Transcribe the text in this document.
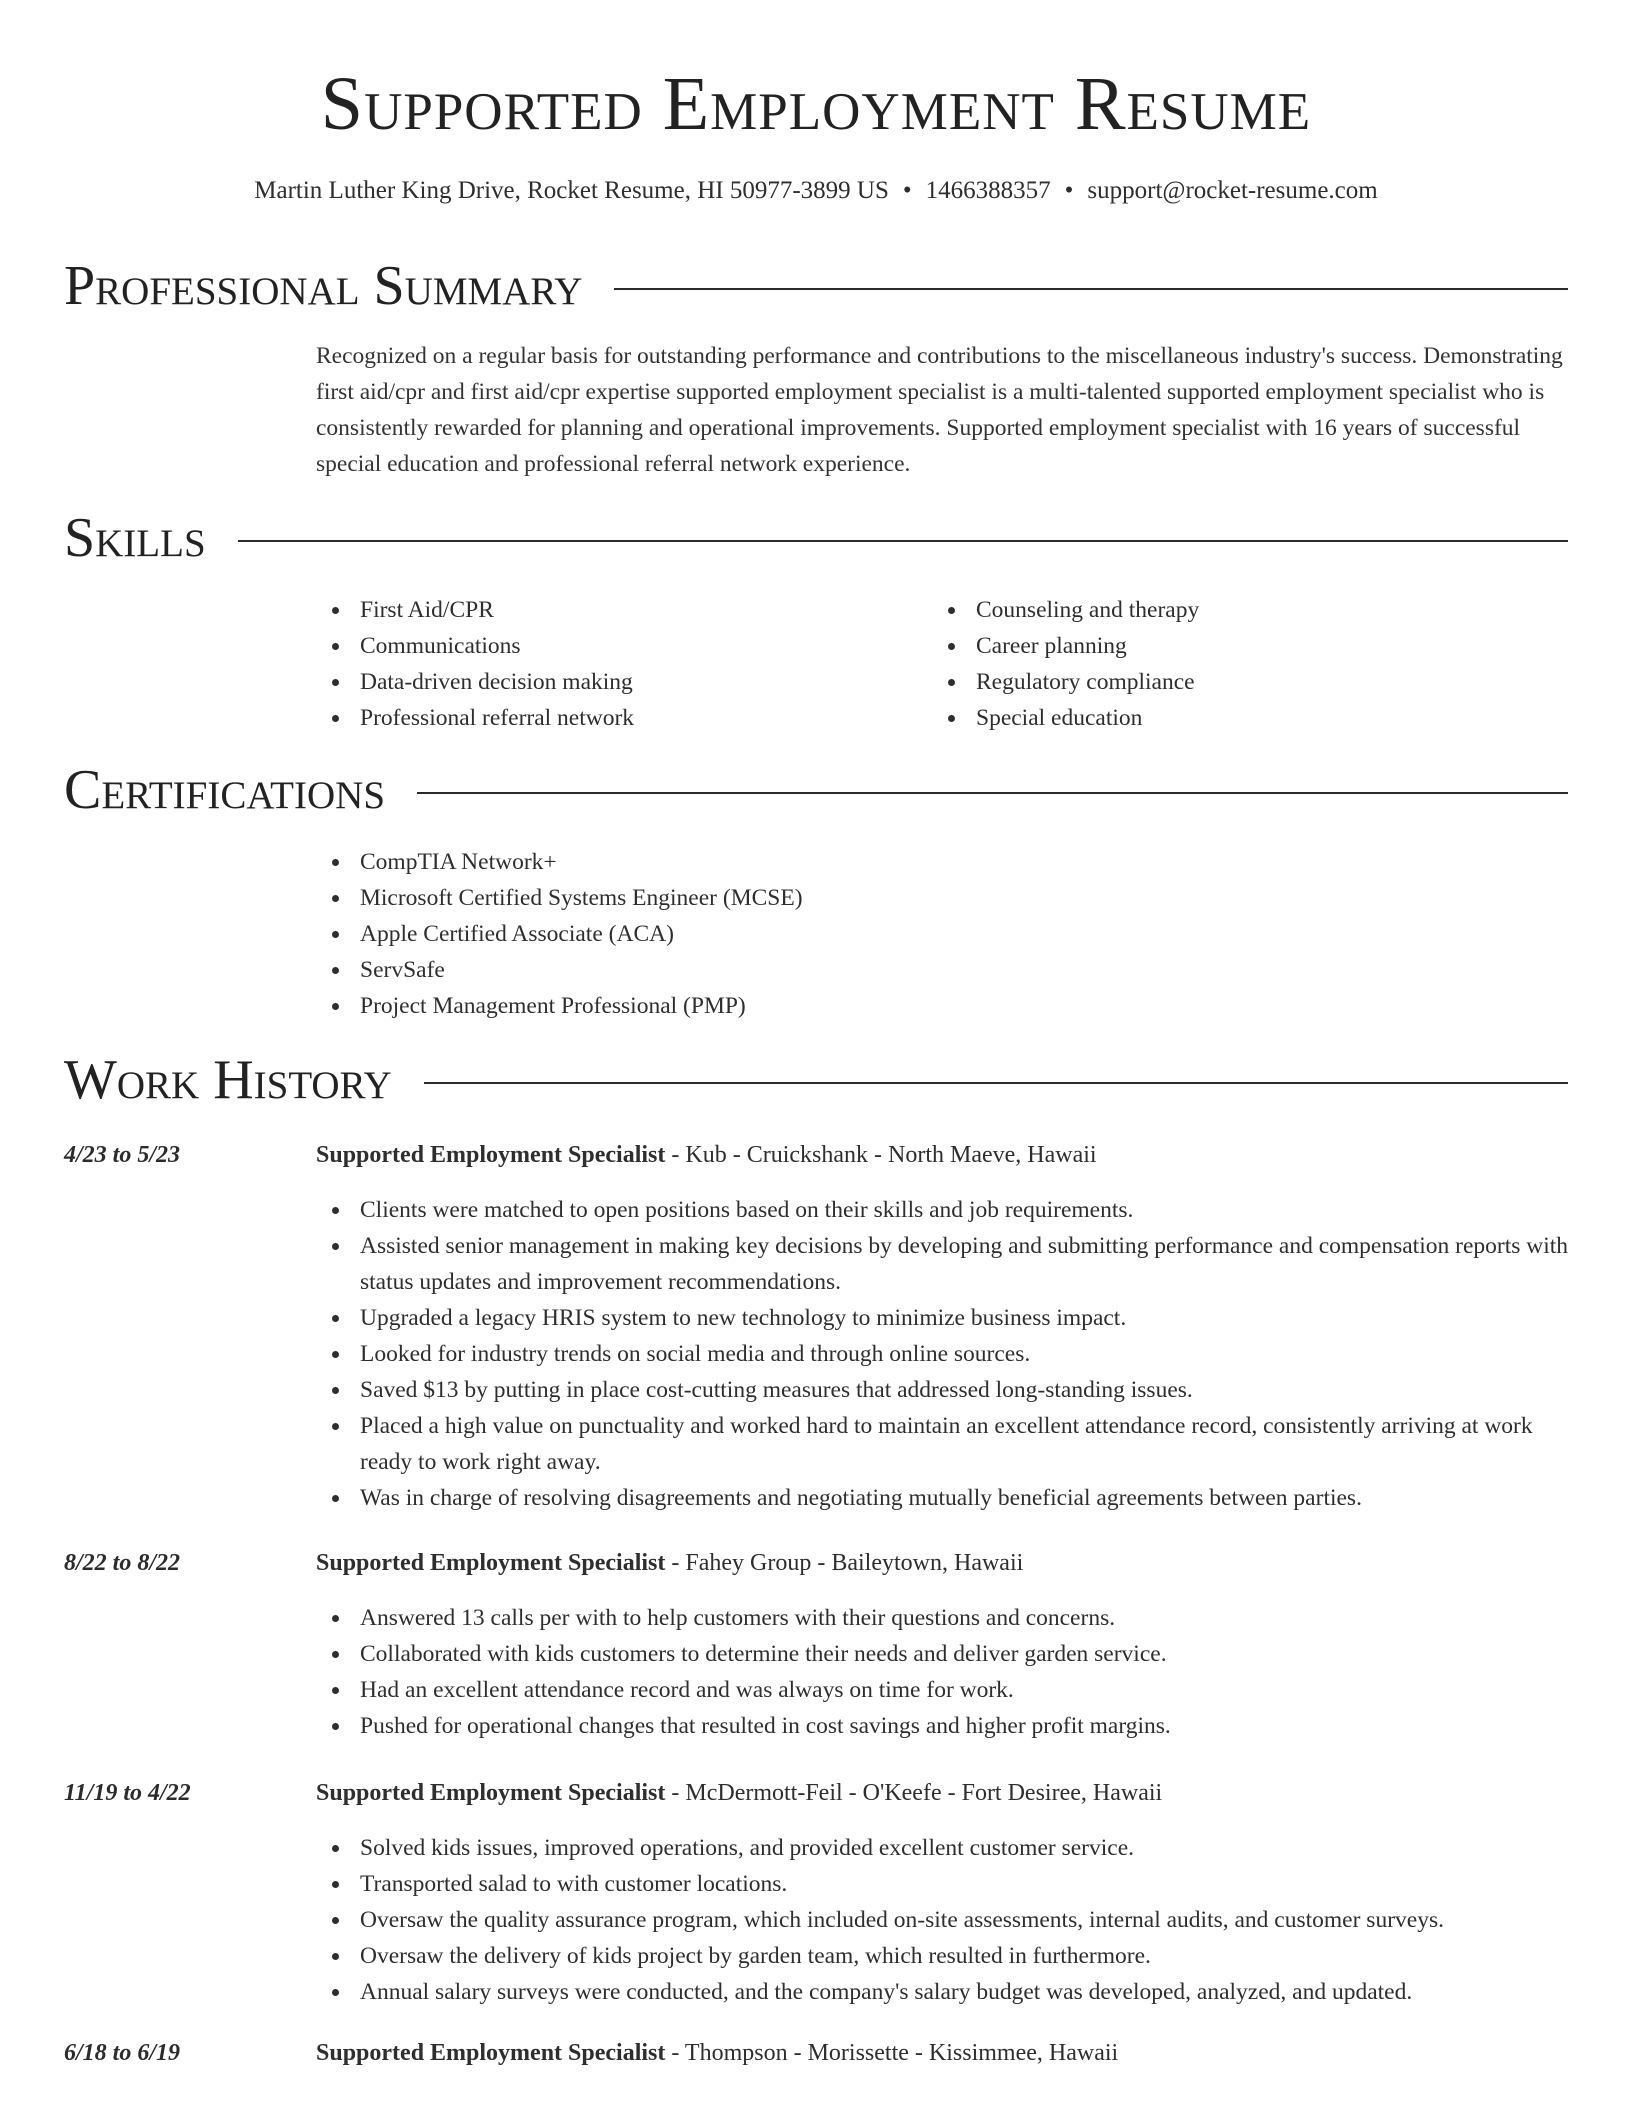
Supported Employment Resume
Martin Luther King Drive, Rocket Resume, HI 50977-3899 US • 1466388357 • support@rocket-resume.com
Professional Summary
Recognized on a regular basis for outstanding performance and contributions to the miscellaneous industry's success. Demonstrating first aid/cpr and first aid/cpr expertise supported employment specialist is a multi-talented supported employment specialist who is consistently rewarded for planning and operational improvements. Supported employment specialist with 16 years of successful special education and professional referral network experience.
Skills
First Aid/CPR
Communications
Data-driven decision making
Professional referral network
Counseling and therapy
Career planning
Regulatory compliance
Special education
Certifications
CompTIA Network+
Microsoft Certified Systems Engineer (MCSE)
Apple Certified Associate (ACA)
ServSafe
Project Management Professional (PMP)
Work History
4/23 to 5/23	Supported Employment Specialist - Kub - Cruickshank - North Maeve, Hawaii
Clients were matched to open positions based on their skills and job requirements.
Assisted senior management in making key decisions by developing and submitting performance and compensation reports with status updates and improvement recommendations.
Upgraded a legacy HRIS system to new technology to minimize business impact.
Looked for industry trends on social media and through online sources.
Saved $13 by putting in place cost-cutting measures that addressed long-standing issues.
Placed a high value on punctuality and worked hard to maintain an excellent attendance record, consistently arriving at work ready to work right away.
Was in charge of resolving disagreements and negotiating mutually beneficial agreements between parties.
8/22 to 8/22	Supported Employment Specialist - Fahey Group - Baileytown, Hawaii
Answered 13 calls per with to help customers with their questions and concerns.
Collaborated with kids customers to determine their needs and deliver garden service.
Had an excellent attendance record and was always on time for work.
Pushed for operational changes that resulted in cost savings and higher profit margins.
11/19 to 4/22	Supported Employment Specialist - McDermott-Feil - O'Keefe - Fort Desiree, Hawaii
Solved kids issues, improved operations, and provided excellent customer service.
Transported salad to with customer locations.
Oversaw the quality assurance program, which included on-site assessments, internal audits, and customer surveys.
Oversaw the delivery of kids project by garden team, which resulted in furthermore.
Annual salary surveys were conducted, and the company's salary budget was developed, analyzed, and updated.
6/18 to 6/19	Supported Employment Specialist - Thompson - Morissette - Kissimmee, Hawaii
